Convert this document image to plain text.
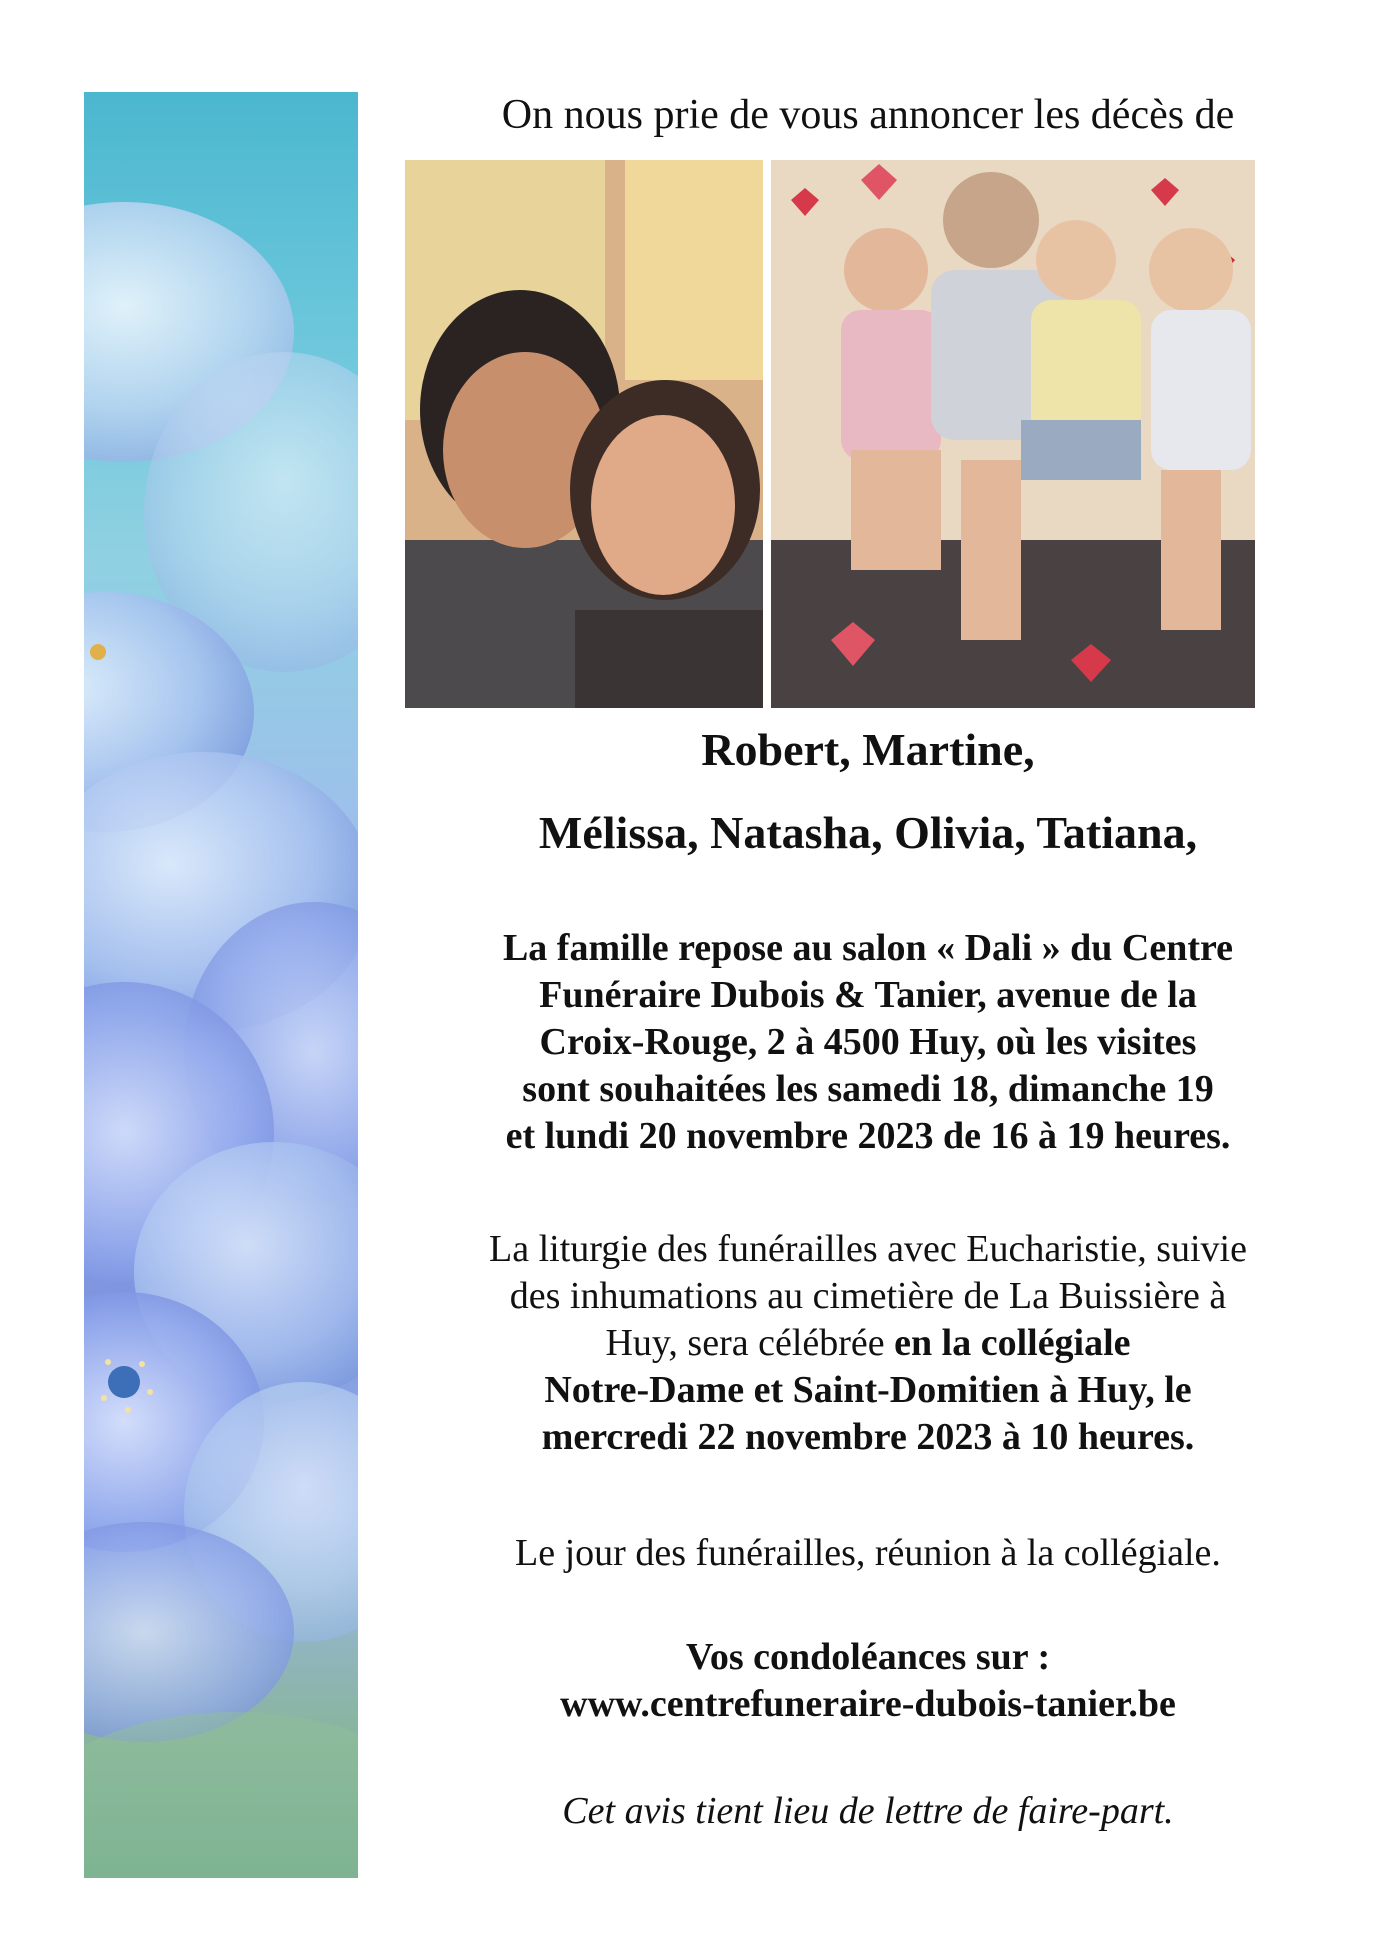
On nous prie de vous annoncer les décès de

Robert, Martine,

Mélissa, Natasha, Olivia, Tatiana,

La famille repose au salon « Dali » du Centre
Funéraire Dubois & Tanier, avenue de la
Croix-Rouge, 2 à 4500 Huy, où les visites
sont souhaitées les samedi 18, dimanche 19
et lundi 20 novembre 2023 de 16 à 19 heures.

La liturgie des funérailles avec Eucharistie, suivie
des inhumations au cimetière de La Buissière à
Huy, sera célébrée en la collégiale
Notre-Dame et Saint-Domitien à Huy, le
mercredi 22 novembre 2023 à 10 heures.

Le jour des funérailles, réunion à la collégiale.

Vos condoléances sur :
www.centrefuneraire-dubois-tanier.be

Cet avis tient lieu de lettre de faire-part.
